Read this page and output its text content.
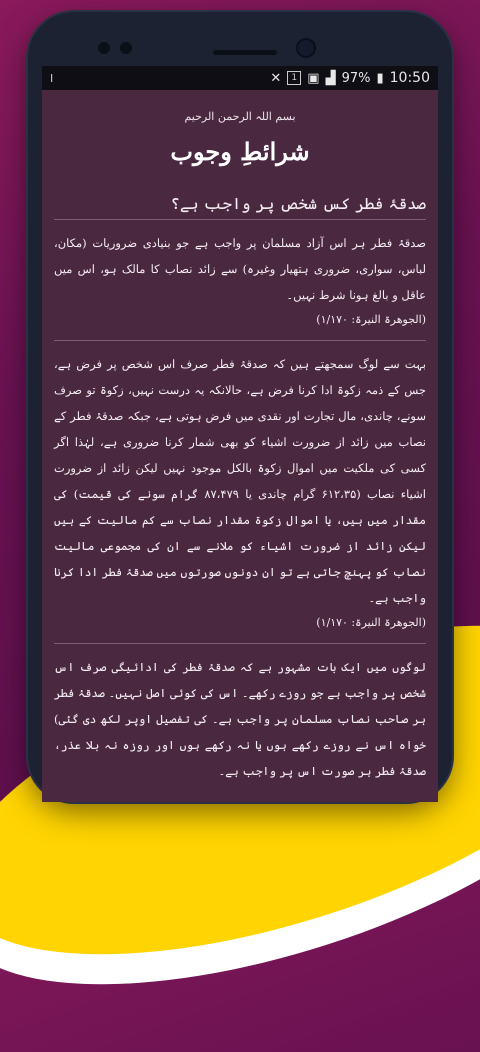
I	✕	1 ▣ ▟ 97% ▮ 10:50
بسم اللہ الرحمن الرحیم
شرائطِ وجوب
صدقۂ فطر کس شخص پر واجب ہے؟

صدقۂ فطر ہر اس آزاد مسلمان پر واجب ہے جو بنیادی ضروریات (مکان، لباس، سواری، ضروری ہتھیار وغیرہ) سے زائد نصاب کا مالک ہو، اس میں عاقل و بالغ ہونا شرط نہیں۔

(الجوھرۃ النیرۃ: ۱/۱۷۰)

بہت سے لوگ سمجھتے ہیں کہ صدقۂ فطر صرف اس شخص پر فرض ہے، جس کے ذمہ زکوۃ ادا کرنا فرض ہے، حالانکہ یہ درست نہیں، زکوۃ تو صرف سونے، چاندی، مال تجارت اور نقدی میں فرض ہوتی ہے، جبکہ صدقۂ فطر کے نصاب میں زائد از ضرورت اشیاء کو بھی شمار کرنا ضروری ہے، لہٰذا اگر کسی کی ملکیت میں اموال زکوۃ بالکل موجود نہیں لیکن زائد از ضرورت اشیاء نصاب (۶۱۲،۳۵ گرام چاندی یا ۸۷،۴۷۹ گرام سونے کی قیمت) کی مقدار میں ہیں، یا اموال زکوۃ مقدار نصاب سے کم مالیت کے ہیں لیکن زائد از ضرورت اشیاء کو ملانے سے ان کی مجموعی مالیت نصاب کو پہنچ جاتی ہے تو ان دونوں صورتوں میں صدقۂ فطر ادا کرنا واجب ہے۔

(الجوھرۃ النیرۃ: ۱/۱۷۰)

لوگوں میں ایک بات مشہور ہے کہ صدقۂ فطر کی ادائیگی صرف اس شخص پر واجب ہے جو روزے رکھے۔ اس کی کوئی اصل نہیں۔ صدقۂ فطر ہر صاحب نصاب مسلمان پر واجب ہے۔ کی تفصیل اوپر لکھ دی گئی) خواہ اس نے روزے رکھے ہوں یا نہ رکھے ہوں اور روزہ نہ بلا عذر، صدقۂ فطر ہر صورت اس پر واجب ہے۔
